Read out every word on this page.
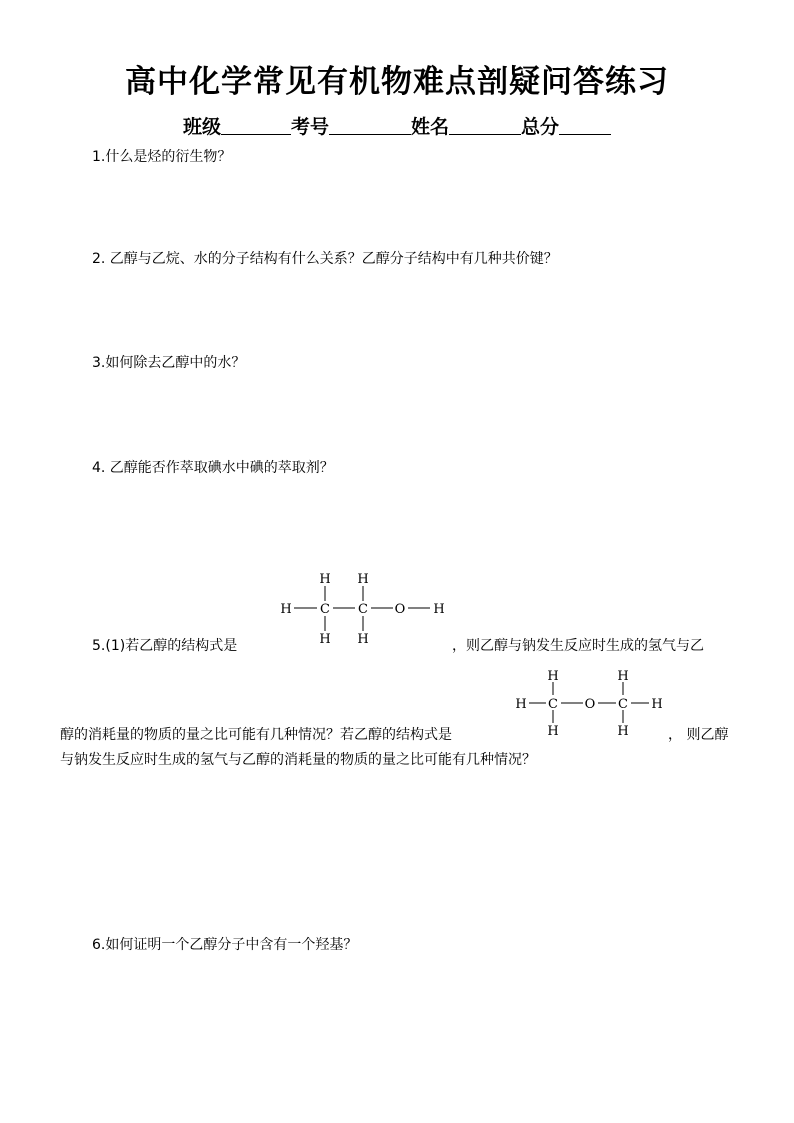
高中化学常见有机物难点剖疑问答练习
班级	考号	姓名	总分
1.什么是烃的衍生物？
2. 乙醇与乙烷、水的分子结构有什么关系？乙醇分子结构中有几种共价键？
3.如何除去乙醇中的水？
4. 乙醇能否作萃取碘水中碘的萃取剂？
5.(1)若乙醇的结构式是
H H
H C C O H
H H	，则乙醇与钠发生反应时生成的氢气与乙
醇的消耗量的物质的量之比可能有几种情况？若乙醇的结构式是
H	H
H C O C H
H	H	， 则乙醇
与钠发生反应时生成的氢气与乙醇的消耗量的物质的量之比可能有几种情况？
6.如何证明一个乙醇分子中含有一个羟基？
